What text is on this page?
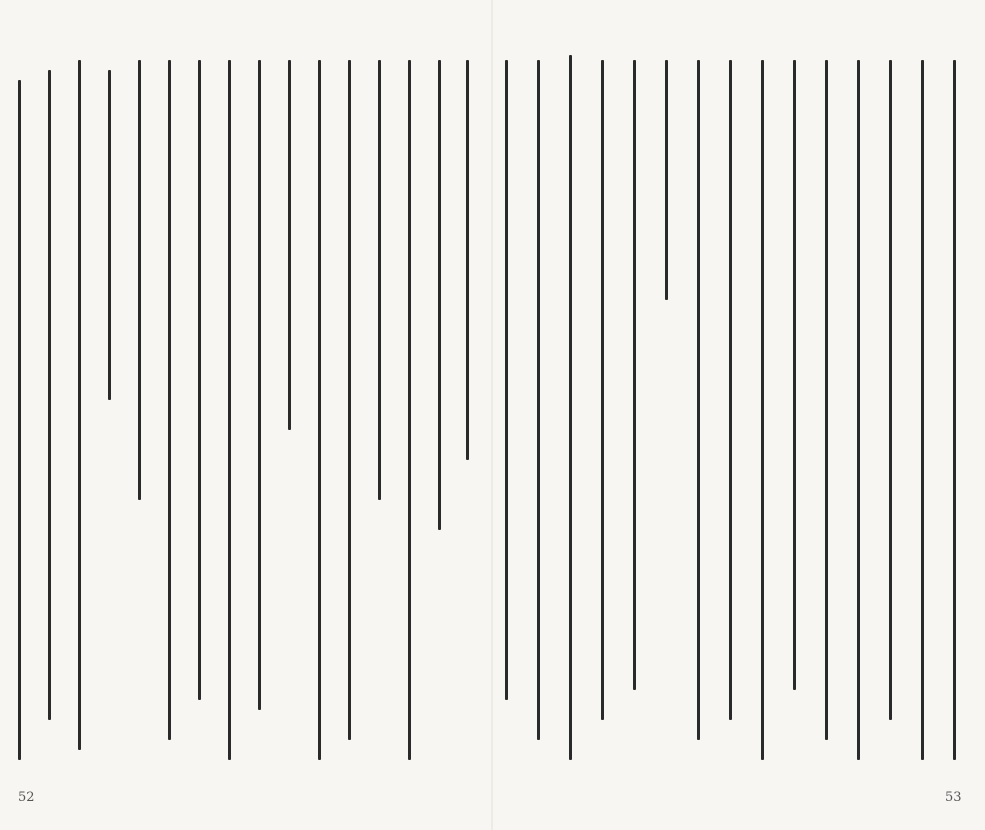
52	53
